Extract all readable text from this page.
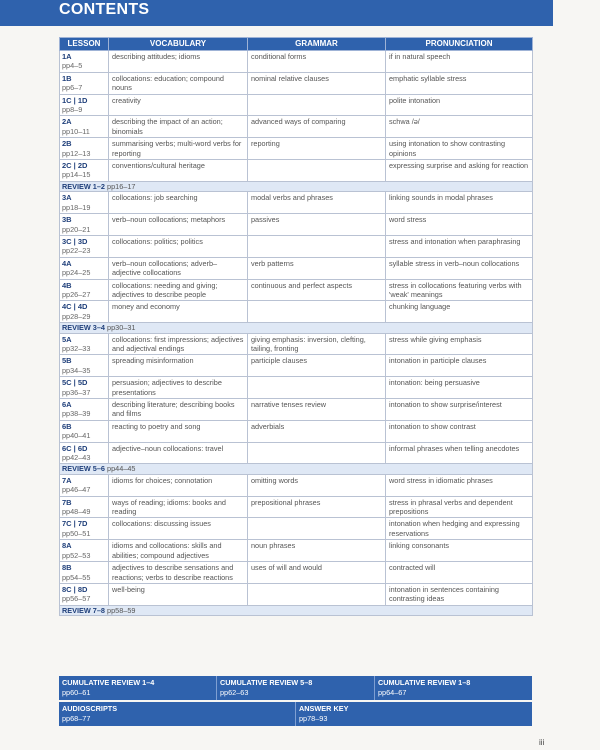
CONTENTS
LESSON	VOCABULARY	GRAMMAR	PRONUNCIATION

1A
pp4–5	describing attitudes; idioms	conditional forms	if in natural speech

1B
pp6–7	collocations: education; compound nouns	nominal relative clauses	emphatic syllable stress

1C | 1D
pp8–9	creativity		polite intonation

2A
pp10–11	describing the impact of an action; binomials	advanced ways of comparing	schwa /ə/

2B
pp12–13	summarising verbs; multi-word verbs for reporting	reporting	using intonation to show contrasting opinions

2C | 2D
pp14–15	conventions/cultural heritage		expressing surprise and asking for reaction
REVIEW 1–2 pp16–17			

3A
pp18–19	collocations: job searching	modal verbs and phrases	linking sounds in modal phrases

3B
pp20–21	verb–noun collocations; metaphors	passives	word stress

3C | 3D
pp22–23	collocations: politics; politics		stress and intonation when paraphrasing

4A
pp24–25	verb–noun collocations; adverb–adjective collocations	verb patterns	syllable stress in verb–noun collocations

4B
pp26–27	collocations: needing and giving; adjectives to describe people	continuous and perfect aspects	stress in collocations featuring verbs with 'weak' meanings

4C | 4D
pp28–29	money and economy		chunking language
REVIEW 3–4 pp30–31			

5A
pp32–33	collocations: first impressions; adjectives and adjectival endings	giving emphasis: inversion, clefting, tailing, fronting	stress while giving emphasis

5B
pp34–35	spreading misinformation	participle clauses	intonation in participle clauses

5C | 5D
pp36–37	persuasion; adjectives to describe presentations		intonation: being persuasive

6A
pp38–39	describing literature; describing books and films	narrative tenses review	intonation to show surprise/interest

6B
pp40–41	reacting to poetry and song	adverbials	intonation to show contrast

6C | 6D
pp42–43	adjective–noun collocations: travel		informal phrases when telling anecdotes
REVIEW 5–6 pp44–45			

7A
pp46–47	idioms for choices; connotation	omitting words	word stress in idiomatic phrases

7B
pp48–49	ways of reading; idioms: books and reading	prepositional phrases	stress in phrasal verbs and dependent prepositions

7C | 7D
pp50–51	collocations: discussing issues		intonation when hedging and expressing reservations

8A
pp52–53	idioms and collocations: skills and abilities; compound adjectives	noun phrases	linking consonants

8B
pp54–55	adjectives to describe sensations and reactions; verbs to describe reactions	uses of will and would	contracted will

8C | 8D
pp56–57	well-being		intonation in sentences containing contrasting ideas
REVIEW 7–8 pp58–59			
CUMULATIVE REVIEW 1–4
pp60–61
CUMULATIVE REVIEW 5–8
pp62–63
CUMULATIVE REVIEW 1–8
pp64–67
AUDIOSCRIPTS
pp68–77
ANSWER KEY
pp78–93
iii
